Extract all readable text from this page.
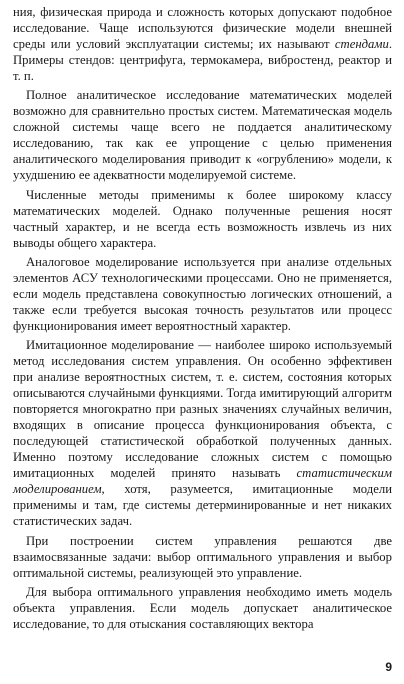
ния, физическая природа и сложность которых допускают подобное исследование. Чаще используются физические модели внешней среды или условий эксплуатации системы; их называют стендами. Примеры стендов: центрифуга, термокамера, вибростенд, реактор и т. п.

Полное аналитическое исследование математических моделей возможно для сравнительно простых систем. Математическая модель сложной системы чаще всего не поддается аналитическому исследованию, так как ее упрощение с целью применения аналитического моделирования приводит к «огрублению» модели, к ухудшению ее адекватности моделируемой системе.

Численные методы применимы к более широкому классу математических моделей. Однако полученные решения носят частный характер, и не всегда есть возможность извлечь из них выводы общего характера.

Аналоговое моделирование используется при анализе отдельных элементов АСУ технологическими процессами. Оно не применяется, если модель представлена совокупностью логических отношений, а также если требуется высокая точность результатов или процесс функционирования имеет вероятностный характер.

Имитационное моделирование — наиболее широко используемый метод исследования систем управления. Он особенно эффективен при анализе вероятностных систем, т. е. систем, состояния которых описываются случайными функциями. Тогда имитирующий алгоритм повторяется многократно при разных значениях случайных величин, входящих в описание процесса функционирования объекта, с последующей статистической обработкой полученных данных. Именно поэтому исследование сложных систем с помощью имитационных моделей принято называть статистическим моделированием, хотя, разумеется, имитационные модели применимы и там, где системы детерминированные и нет никаких статистических задач.

При построении систем управления решаются две взаимосвязанные задачи: выбор оптимального управления и выбор оптимальной системы, реализующей это управление.

Для выбора оптимального управления необходимо иметь модель объекта управления. Если модель допускает аналитическое исследование, то для отыскания составляющих вектора

9
